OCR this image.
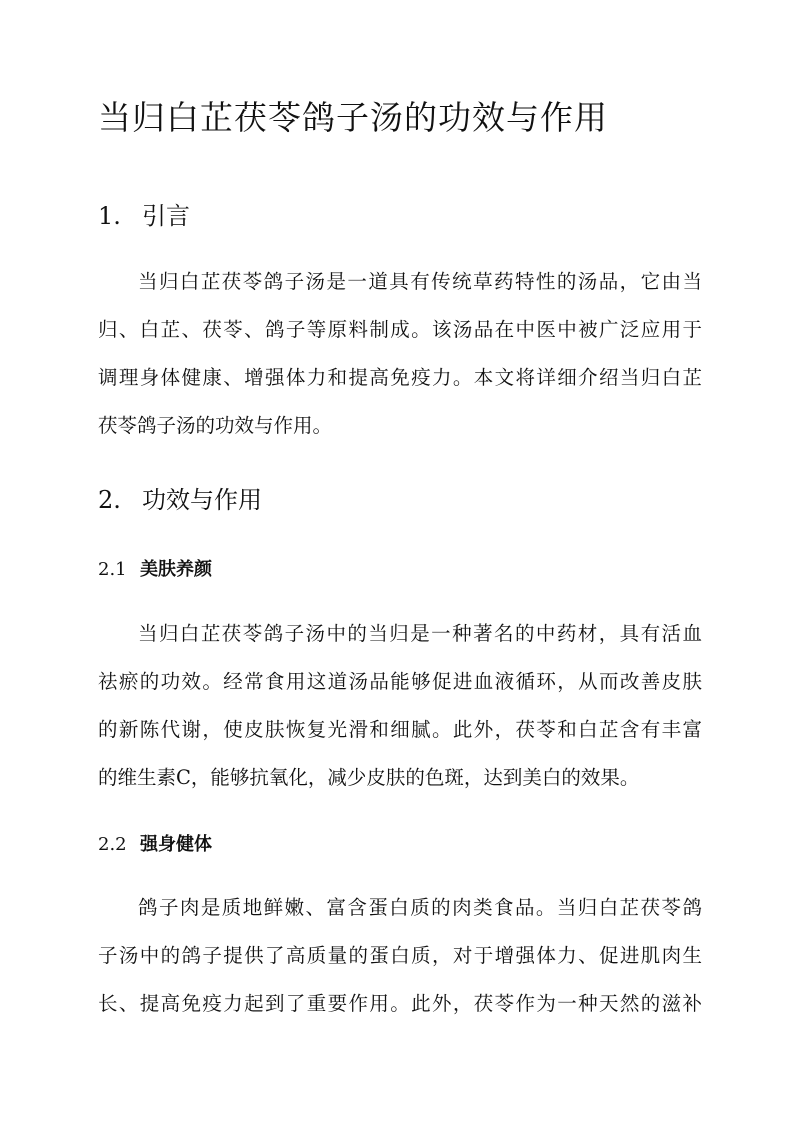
当归白芷茯苓鸽子汤的功效与作用
1. 引言
当归白芷茯苓鸽子汤是一道具有传统草药特性的汤品，它由当
归、白芷、茯苓、鸽子等原料制成。该汤品在中医中被广泛应用于
调理身体健康、增强体力和提高免疫力。本文将详细介绍当归白芷
茯苓鸽子汤的功效与作用。
2. 功效与作用
2.1 美肤养颜
当归白芷茯苓鸽子汤中的当归是一种著名的中药材，具有活血
祛瘀的功效。经常食用这道汤品能够促进血液循环，从而改善皮肤
的新陈代谢，使皮肤恢复光滑和细腻。此外，茯苓和白芷含有丰富
的维生素C，能够抗氧化，减少皮肤的色斑，达到美白的效果。
2.2 强身健体
鸽子肉是质地鲜嫩、富含蛋白质的肉类食品。当归白芷茯苓鸽
子汤中的鸽子提供了高质量的蛋白质，对于增强体力、促进肌肉生
长、提高免疫力起到了重要作用。此外，茯苓作为一种天然的滋补
